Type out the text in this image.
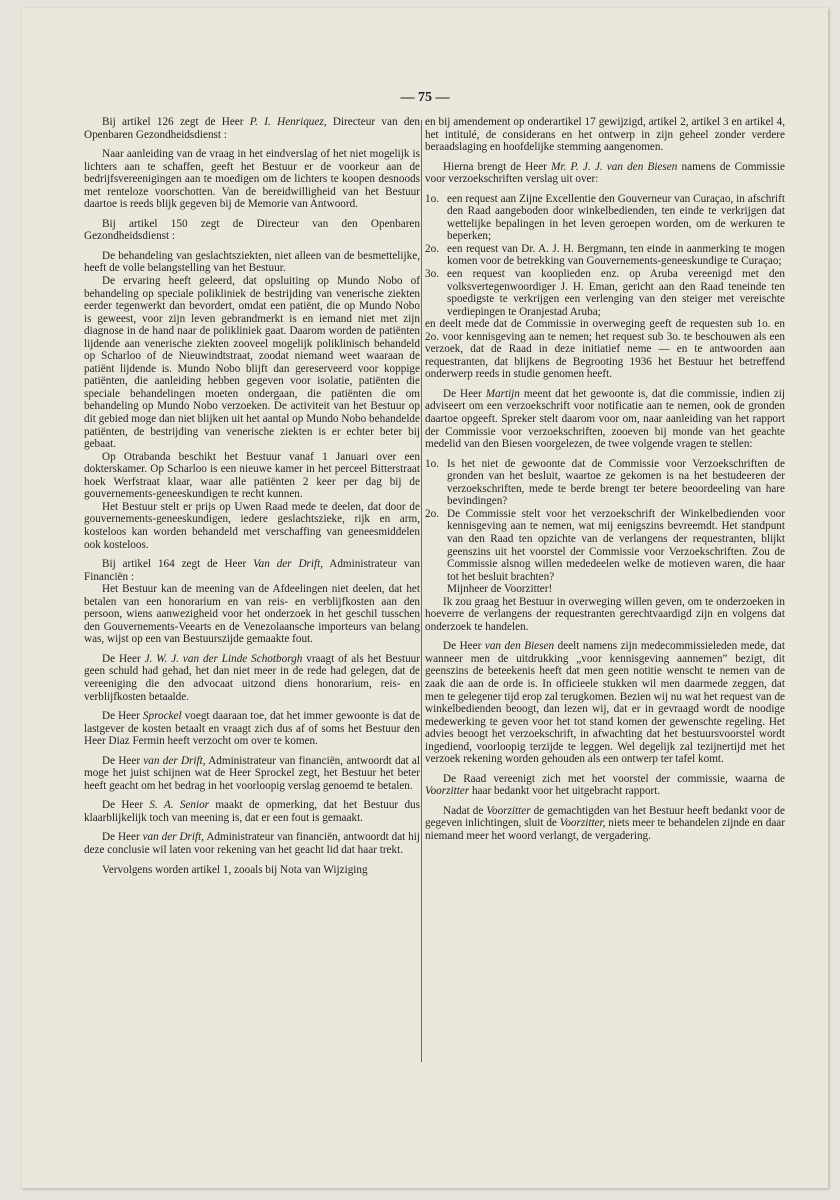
— 75 —

Bij artikel 126 zegt de Heer P. I. Henriquez, Directeur van den Openbaren Gezondheidsdienst :

Naar aanleiding van de vraag in het eindverslag of het niet mogelijk is lichters aan te schaffen, geeft het Bestuur er de voorkeur aan de bedrijfsvereenigingen aan te moedigen om de lichters te koopen desnoods met renteloze voorschotten. Van de bereidwilligheid van het Bestuur daartoe is reeds blijk gegeven bij de Memorie van Antwoord.

Bij artikel 150 zegt de Directeur van den Openbaren Gezondheidsdienst :

De behandeling van geslachtsziekten, niet alleen van de besmettelijke, heeft de volle belangstelling van het Bestuur.

De ervaring heeft geleerd, dat opsluiting op Mundo Nobo of behandeling op speciale polikliniek de bestrijding van venerische ziekten eerder tegenwerkt dan bevordert, omdat een patiënt, die op Mundo Nobo is geweest, voor zijn leven gebrandmerkt is en iemand niet met zijn diagnose in de hand naar de polikliniek gaat. Daarom worden de patiënten lijdende aan venerische ziekten zooveel mogelijk poliklinisch behandeld op Scharloo of de Nieuwindtstraat, zoodat niemand weet waaraan de patiënt lijdende is. Mundo Nobo blijft dan gereserveerd voor koppige patiënten, die aanleiding hebben gegeven voor isolatie, patiënten die speciale behandelingen moeten ondergaan, die patiënten die om behandeling op Mundo Nobo verzoeken. De activiteit van het Bestuur op dit gebied moge dan niet blijken uit het aantal op Mundo Nobo behandelde patiënten, de bestrijding van venerische ziekten is er echter beter bij gebaat.

Op Otrabanda beschikt het Bestuur vanaf 1 Januari over een dokterskamer. Op Scharloo is een nieuwe kamer in het perceel Bitterstraat hoek Werfstraat klaar, waar alle patiënten 2 keer per dag bij de gouvernements-geneeskundigen te recht kunnen.

Het Bestuur stelt er prijs op Uwen Raad mede te deelen, dat door de gouvernements-geneeskundigen, iedere geslachtszieke, rijk en arm, kosteloos kan worden behandeld met verschaffing van geneesmiddelen ook kosteloos.

Bij artikel 164 zegt de Heer Van der Drift, Administrateur van Financiën :

Het Bestuur kan de meening van de Afdeelingen niet deelen, dat het betalen van een honorarium en van reis- en verblijfkosten aan den persoon, wiens aanwezigheid voor het onderzoek in het geschil tusschen den Gouvernements-Veearts en de Venezolaansche importeurs van belang was, wijst op een van Bestuurszijde gemaakte fout.

De Heer J. W. J. van der Linde Schotborgh vraagt of als het Bestuur geen schuld had gehad, het dan niet meer in de rede had gelegen, dat de vereeniging die den advocaat uitzond diens honorarium, reis- en verblijfkosten betaalde.

De Heer Sprockel voegt daaraan toe, dat het immer gewoonte is dat de lastgever de kosten betaalt en vraagt zich dus af of soms het Bestuur den Heer Diaz Fermin heeft verzocht om over te komen.

De Heer van der Drift, Administrateur van financiën, antwoordt dat al moge het juist schijnen wat de Heer Sprockel zegt, het Bestuur het beter heeft geacht om het bedrag in het voorloopig verslag genoemd te betalen.

De Heer S. A. Senior maakt de opmerking, dat het Bestuur dus klaarblijkelijk toch van meening is, dat er een fout is gemaakt.

De Heer van der Drift, Administrateur van financiën, antwoordt dat hij deze conclusie wil laten voor rekening van het geacht lid dat haar trekt.

Vervolgens worden artikel 1, zooals bij Nota van Wijziging

en bij amendement op onderartikel 17 gewijzigd, artikel 2, artikel 3 en artikel 4, het intitulé, de considerans en het ontwerp in zijn geheel zonder verdere beraadslaging en hoofdelijke stemming aangenomen.

Hierna brengt de Heer Mr. P. J. J. van den Biesen namens de Commissie voor verzoekschriften verslag uit over:

1o. een request aan Zijne Excellentie den Gouverneur van Curaçao, in afschrift den Raad aangeboden door winkelbedienden, ten einde te verkrijgen dat wettelijke bepalingen in het leven geroepen worden, om de werkuren te beperken;
2o. een request van Dr. A. J. H. Bergmann, ten einde in aanmerking te mogen komen voor de betrekking van Gouvernements-geneeskundige te Curaçao;
3o. een request van kooplieden enz. op Aruba vereenigd met den volksvertegenwoordiger J. H. Eman, gericht aan den Raad teneinde ten spoedigste te verkrijgen een verlenging van den steiger met vereischte verdiepingen te Oranjestad Aruba;

en deelt mede dat de Commissie in overweging geeft de requesten sub 1o. en 2o. voor kennisgeving aan te nemen; het request sub 3o. te beschouwen als een verzoek, dat de Raad in deze initiatief neme — en te antwoorden aan requestranten, dat blijkens de Begrooting 1936 het Bestuur het betreffend onderwerp reeds in studie genomen heeft.

De Heer Martijn meent dat het gewoonte is, dat die commissie, indien zij adviseert om een verzoekschrift voor notificatie aan te nemen, ook de gronden daartoe opgeeft. Spreker stelt daarom voor om, naar aanleiding van het rapport der Commissie voor verzoekschriften, zooeven bij monde van het geachte medelid van den Biesen voorgelezen, de twee volgende vragen te stellen:

1o. Is het niet de gewoonte dat de Commissie voor Verzoekschriften de gronden van het besluit, waartoe ze gekomen is na het bestudeeren der verzoekschriften, mede te berde brengt ter betere beoordeeling van hare bevindingen?
2o. De Commissie stelt voor het verzoekschrift der Winkelbedienden voor kennisgeving aan te nemen, wat mij eenigszins bevreemdt. Het standpunt van den Raad ten opzichte van de verlangens der requestranten, blijkt geenszins uit het voorstel der Commissie voor Verzoekschriften. Zou de Commissie alsnog willen mededeelen welke de motieven waren, die haar tot het besluit brachten?

Mijnheer de Voorzitter!

Ik zou graag het Bestuur in overweging willen geven, om te onderzoeken in hoeverre de verlangens der requestranten gerechtvaardigd zijn en volgens dat onderzoek te handelen.

De Heer van den Biesen deelt namens zijn medecommissieleden mede, dat wanneer men de uitdrukking „voor kennisgeving aannemen” bezigt, dit geenszins de beteekenis heeft dat men geen notitie wenscht te nemen van de zaak die aan de orde is. In officieele stukken wil men daarmede zeggen, dat men te gelegener tijd erop zal terugkomen. Bezien wij nu wat het request van de winkelbedienden beoogt, dan lezen wij, dat er in gevraagd wordt de noodige medewerking te geven voor het tot stand komen der gewenschte regeling. Het advies beoogt het verzoekschrift, in afwachting dat het bestuursvoorstel wordt ingediend, voorloopig terzijde te leggen. Wel degelijk zal tezijnertijd met het verzoek rekening worden gehouden als een ontwerp ter tafel komt.

De Raad vereenigt zich met het voorstel der commissie, waarna de Voorzitter haar bedankt voor het uitgebracht rapport.

Nadat de Voorzitter de gemachtigden van het Bestuur heeft bedankt voor de gegeven inlichtingen, sluit de Voorzitter, niets meer te behandelen zijnde en daar niemand meer het woord verlangt, de vergadering.
